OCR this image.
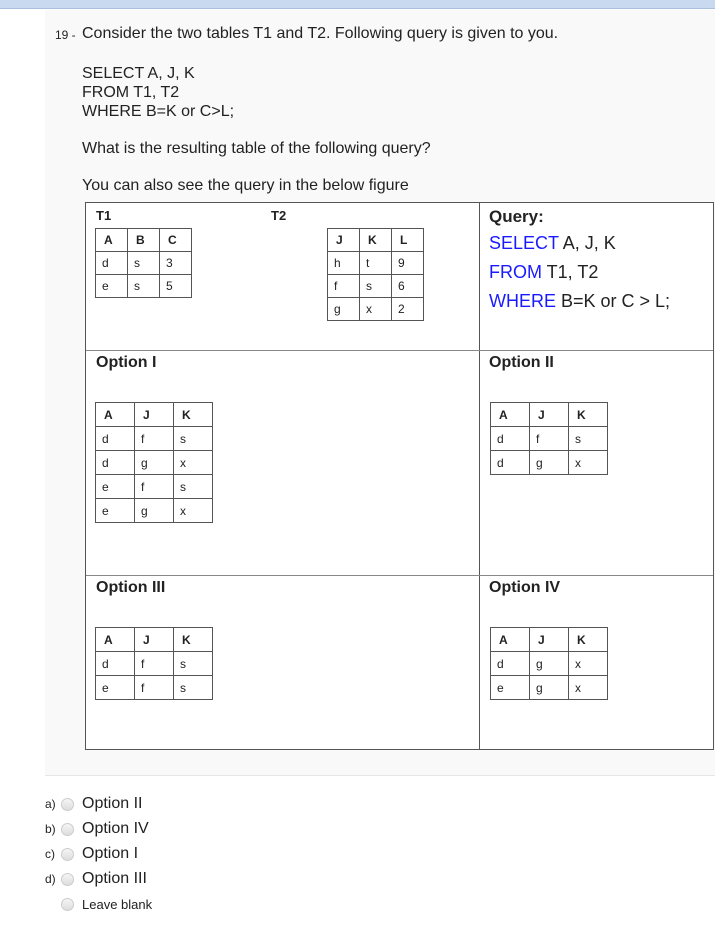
19 - Consider the two tables T1 and T2. Following query is given to you.
SELECT A, J, K
FROM T1, T2
WHERE B=K or C>L;
What is the resulting table of the following query?
You can also see the query in the below figure
T1	T2
A	B	C
d	s	3
e	s	5
J	K	L
h	t	9
f	s	6
g	x	2
Query:
SELECT A, J, K
FROM T1, T2
WHERE B=K or C > L;
Option I
A	J	K
d	f	s
d	g	x
e	f	s
e	g	x
Option II
A	J	K
d	f	s
d	g	x
Option III
A	J	K
d	f	s
e	f	s
Option IV
A	J	K
d	g	x
e	g	x
a)	Option II
b)	Option IV
c)	Option I
d)	Option III
Leave blank
